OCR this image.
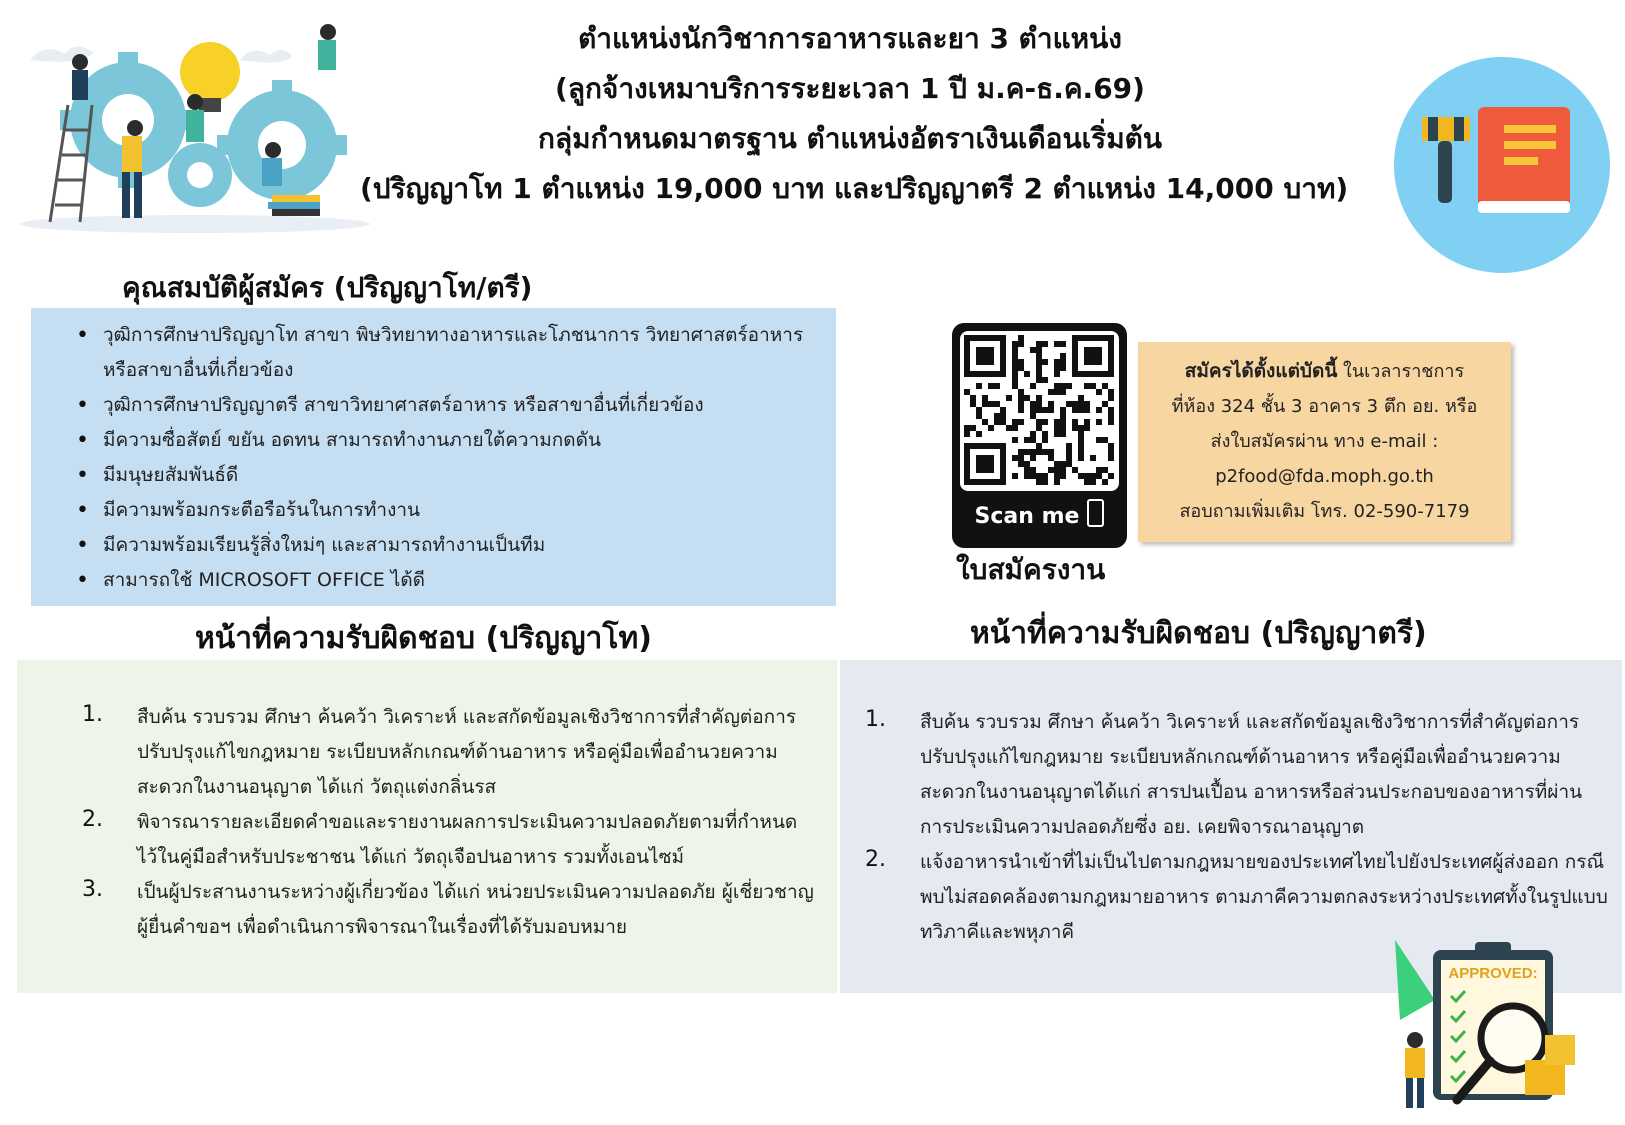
ตำแหน่งนักวิชาการอาหารและยา 3 ตำแหน่ง
(ลูกจ้างเหมาบริการระยะเวลา 1 ปี ม.ค-ธ.ค.69)
กลุ่มกำหนดมาตรฐาน ตำแหน่งอัตราเงินเดือนเริ่มต้น
(ปริญญาโท 1 ตำแหน่ง 19,000 บาท และปริญญาตรี 2 ตำแหน่ง 14,000 บาท)
คุณสมบัติผู้สมัคร (ปริญญาโท/ตรี)
• วุฒิการศึกษาปริญญาโท สาขา พิษวิทยาทางอาหารและโภชนาการ วิทยาศาสตร์อาหาร หรือสาขาอื่นที่เกี่ยวข้อง
• วุฒิการศึกษาปริญญาตรี สาขาวิทยาศาสตร์อาหาร หรือสาขาอื่นที่เกี่ยวข้อง
• มีความซื่อสัตย์ ขยัน อดทน สามารถทำงานภายใต้ความกดดัน
• มีมนุษยสัมพันธ์ดี
• มีความพร้อมกระตือรือร้นในการทำงาน
• มีความพร้อมเรียนรู้สิ่งใหม่ๆ และสามารถทำงานเป็นทีม
• สามารถใช้ MICROSOFT OFFICE ได้ดี
Scan me
ใบสมัครงาน
สมัครได้ตั้งแต่บัดนี้ ในเวลาราชการ
ที่ห้อง 324 ชั้น 3 อาคาร 3 ตึก อย. หรือ
ส่งใบสมัครผ่าน ทาง e-mail :
p2food@fda.moph.go.th
สอบถามเพิ่มเติม โทร. 02-590-7179
หน้าที่ความรับผิดชอบ (ปริญญาโท)	หน้าที่ความรับผิดชอบ (ปริญญาตรี)
1. สืบค้น รวบรวม ศึกษา ค้นคว้า วิเคราะห์ และสกัดข้อมูลเชิงวิชาการที่สำคัญต่อการปรับปรุงแก้ไขกฎหมาย ระเบียบหลักเกณฑ์ด้านอาหาร หรือคู่มือเพื่ออำนวยความสะดวกในงานอนุญาต ได้แก่ วัตถุแต่งกลิ่นรส
2. พิจารณารายละเอียดคำขอและรายงานผลการประเมินความปลอดภัยตามที่กำหนดไว้ในคู่มือสำหรับประชาชน ได้แก่ วัตถุเจือปนอาหาร รวมทั้งเอนไซม์
3. เป็นผู้ประสานงานระหว่างผู้เกี่ยวข้อง ได้แก่ หน่วยประเมินความปลอดภัย ผู้เชี่ยวชาญ ผู้ยื่นคำขอฯ เพื่อดำเนินการพิจารณาในเรื่องที่ได้รับมอบหมาย
1. สืบค้น รวบรวม ศึกษา ค้นคว้า วิเคราะห์ และสกัดข้อมูลเชิงวิชาการที่สำคัญต่อการปรับปรุงแก้ไขกฎหมาย ระเบียบหลักเกณฑ์ด้านอาหาร หรือคู่มือเพื่ออำนวยความสะดวกในงานอนุญาตได้แก่ สารปนเปื้อน อาหารหรือส่วนประกอบของอาหารที่ผ่านการประเมินความปลอดภัยซึ่ง อย. เคยพิจารณาอนุญาต
2. แจ้งอาหารนำเข้าที่ไม่เป็นไปตามกฎหมายของประเทศไทยไปยังประเทศผู้ส่งออก กรณีพบไม่สอดคล้องตามกฎหมายอาหาร ตามภาคีความตกลงระหว่างประเทศทั้งในรูปแบบทวิภาคีและพหุภาคี
APPROVED:
